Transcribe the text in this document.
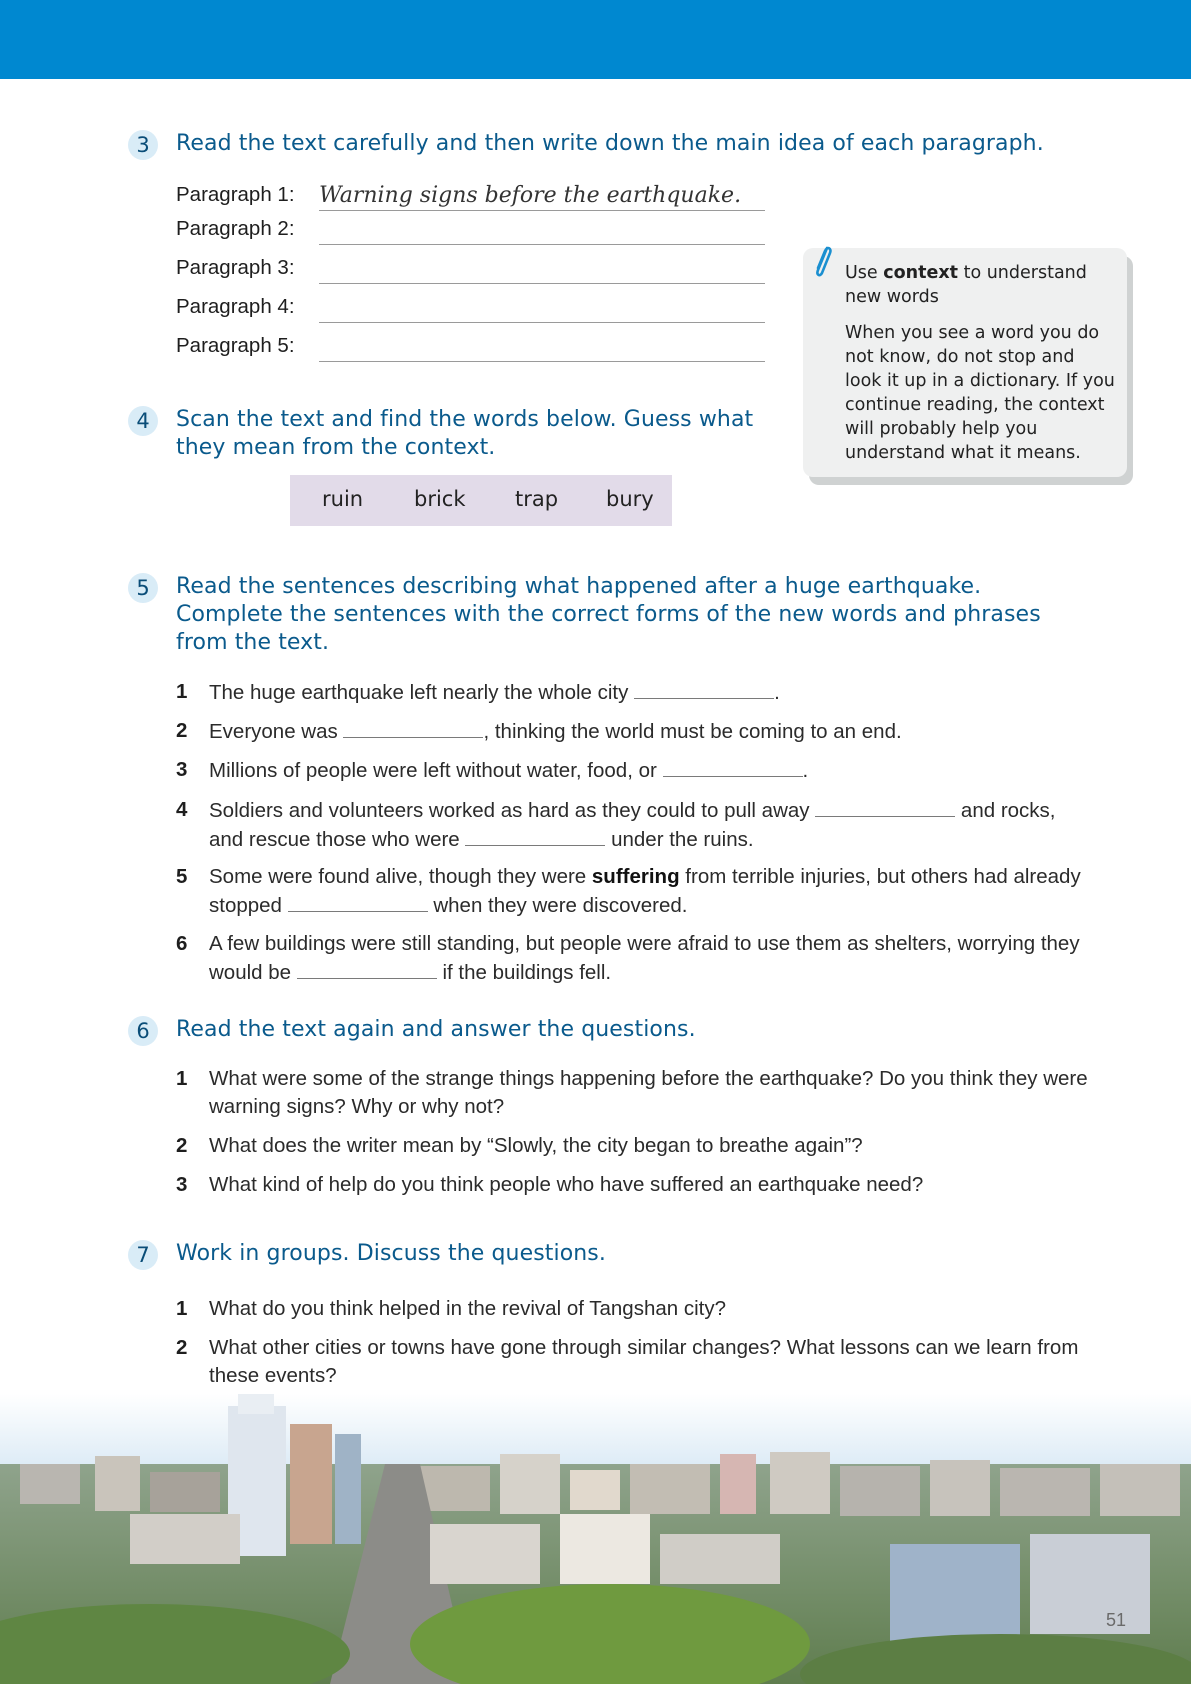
3	Read the text carefully and then write down the main idea of each paragraph.
Paragraph 1: Warning signs before the earthquake.
Paragraph 2:
Paragraph 3:
Paragraph 4:
Paragraph 5:
Use context to understand new words
When you see a word you do not know, do not stop and look it up in a dictionary. If you continue reading, the context will probably help you understand what it means.
4	Scan the text and find the words below. Guess what
they mean from the context.
ruin brick trap bury
5	Read the sentences describing what happened after a huge earthquake.
Complete the sentences with the correct forms of the new words and phrases
from the text.
1 The huge earthquake left nearly the whole city	.
2 Everyone was	, thinking the world must be coming to an end.
3 Millions of people were left without water, food, or	.
4 Soldiers and volunteers worked as hard as they could to pull away	and rocks, and rescue those who were	under the ruins.
5 Some were found alive, though they were suffering from terrible injuries, but others had already stopped	when they were discovered.
6 A few buildings were still standing, but people were afraid to use them as shelters, worrying they would be	if the buildings fell.
6	Read the text again and answer the questions.
1 What were some of the strange things happening before the earthquake? Do you think they were warning signs? Why or why not?
2 What does the writer mean by “Slowly, the city began to breathe again”?
3 What kind of help do you think people who have suffered an earthquake need?
7	Work in groups. Discuss the questions.
1 What do you think helped in the revival of Tangshan city?
2 What other cities or towns have gone through similar changes? What lessons can we learn from these events?
51
